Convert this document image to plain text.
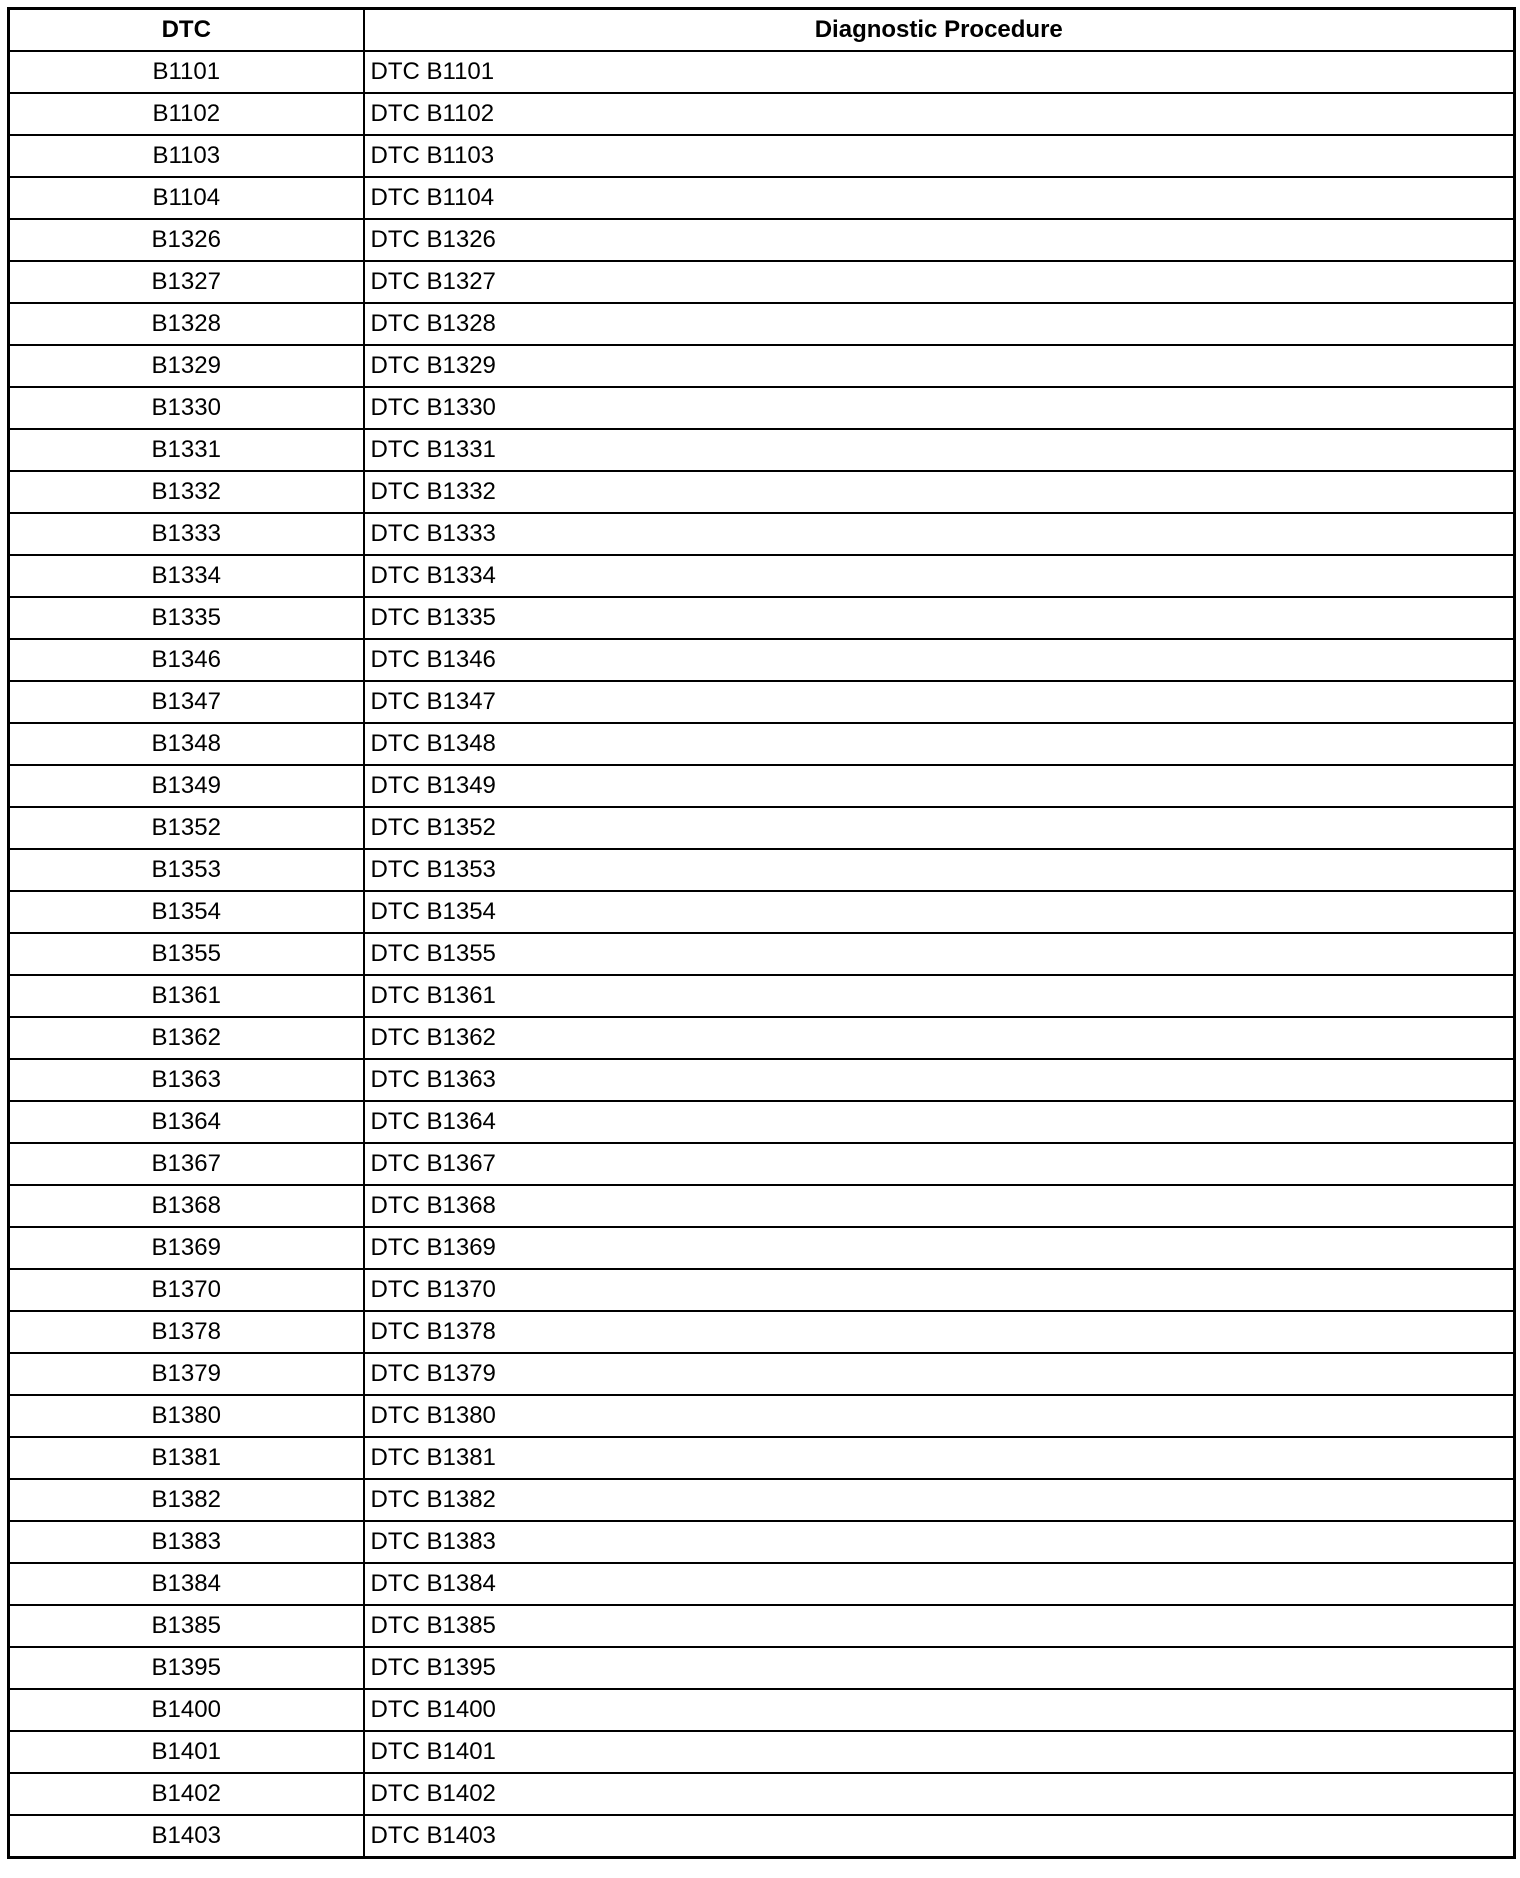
DTC	Diagnostic Procedure
B1101	DTC B1101
B1102	DTC B1102
B1103	DTC B1103
B1104	DTC B1104
B1326	DTC B1326
B1327	DTC B1327
B1328	DTC B1328
B1329	DTC B1329
B1330	DTC B1330
B1331	DTC B1331
B1332	DTC B1332
B1333	DTC B1333
B1334	DTC B1334
B1335	DTC B1335
B1346	DTC B1346
B1347	DTC B1347
B1348	DTC B1348
B1349	DTC B1349
B1352	DTC B1352
B1353	DTC B1353
B1354	DTC B1354
B1355	DTC B1355
B1361	DTC B1361
B1362	DTC B1362
B1363	DTC B1363
B1364	DTC B1364
B1367	DTC B1367
B1368	DTC B1368
B1369	DTC B1369
B1370	DTC B1370
B1378	DTC B1378
B1379	DTC B1379
B1380	DTC B1380
B1381	DTC B1381
B1382	DTC B1382
B1383	DTC B1383
B1384	DTC B1384
B1385	DTC B1385
B1395	DTC B1395
B1400	DTC B1400
B1401	DTC B1401
B1402	DTC B1402
B1403	DTC B1403
